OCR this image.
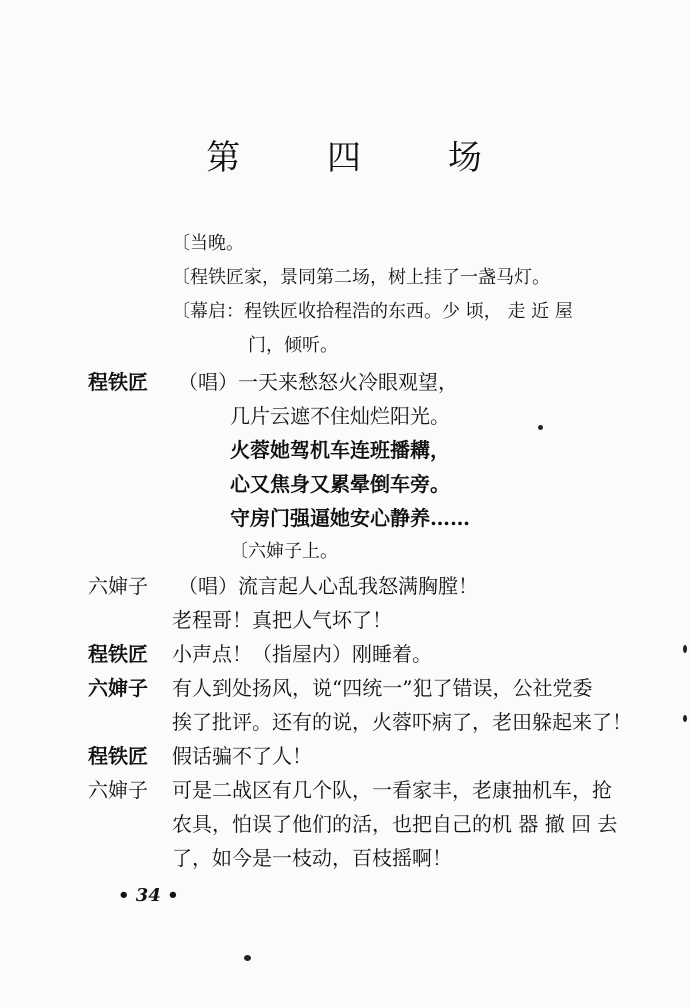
第 四 场
〔当晚。
〔程铁匠家，景同第二场，树上挂了一盏马灯。
〔幕启：程铁匠收拾程浩的东西。少 顷， 走 近 屋
门，倾听。
程铁匠 （唱）一天来愁怒火冷眼观望，
几片云遮不住灿烂阳光。
火蓉她驾机车连班播耩，
心又焦身又累晕倒车旁。
守房门强逼她安心静养……
〔六婶子上。
六婶子 （唱）流言起人心乱我怒满胸膛！
老程哥！真把人气坏了！
程铁匠 小声点！（指屋内）刚睡着。
六婶子 有人到处扬风，说“四统一”犯了错误，公社党委
挨了批评。还有的说，火蓉吓病了，老田躲起来了！
程铁匠 假话骗不了人！
六婶子 可是二战区有几个队，一看家丰，老康抽机车，抢
农具，怕误了他们的活，也把自己的机 器 撤 回 去
了，如今是一枝动，百枝摇啊！
• 34 •
